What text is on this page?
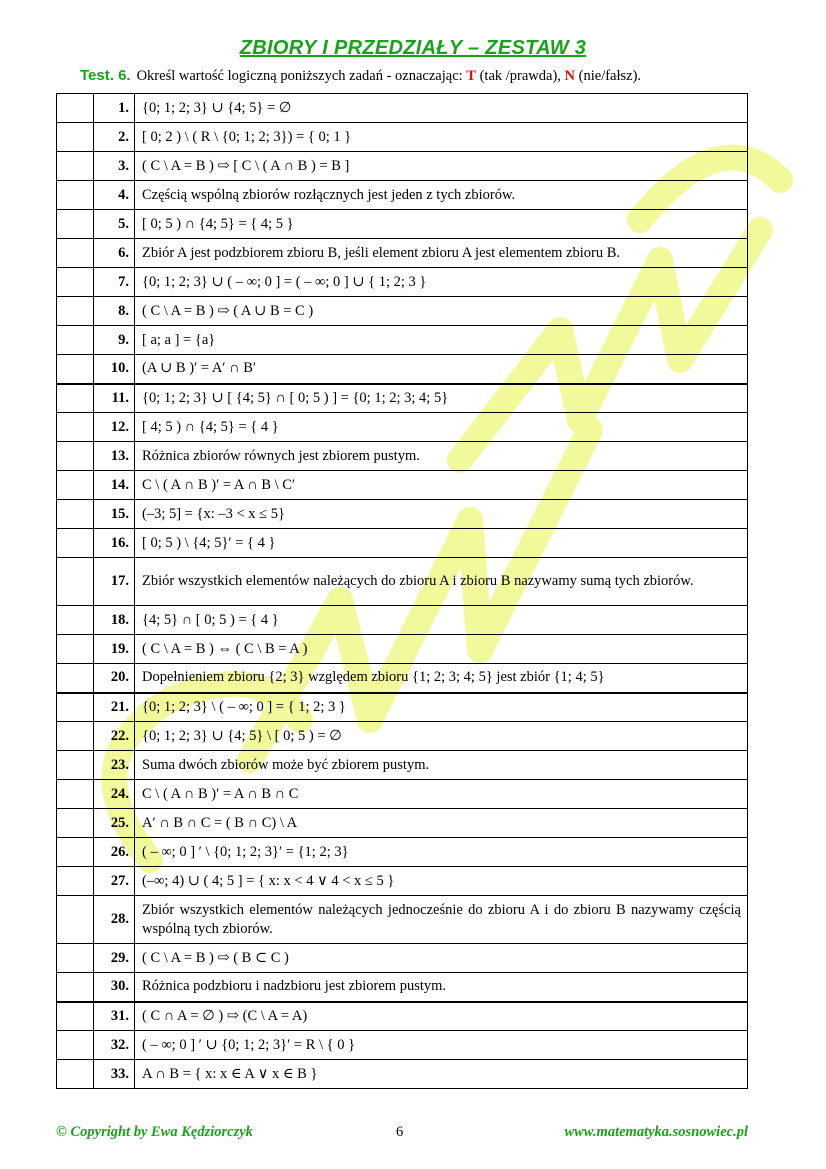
ZBIORY I PRZEDZIAŁY – ZESTAW 3
Test. 6. Określ wartość logiczną poniższych zadań - oznaczając: T (tak /prawda), N (nie/fałsz).
	1.	{0; 1; 2; 3} ∪ {4; 5} = ∅
	2.	[ 0; 2 ) \ ( R \ {0; 1; 2; 3}) = { 0; 1 }
	3.	( C \ A = B ) ⇨ [ C \ ( A ∩ B ) = B ]
	4.	Częścią wspólną zbiorów rozłącznych jest jeden z tych zbiorów.
	5.	[ 0; 5 ) ∩ {4; 5} = { 4; 5 }
	6.	Zbiór A jest podzbiorem zbioru B, jeśli element zbioru A jest elementem zbioru B.
	7.	{0; 1; 2; 3} ∪ ( – ∞; 0 ] = ( – ∞; 0 ] ∪ { 1; 2; 3 }
	8.	( C \ A = B ) ⇨ ( A ∪ B = C )
	9.	[ a; a ] = {a}
	10.	(A ∪ B )′ = A′ ∩ B′
	11.	{0; 1; 2; 3} ∪ [ {4; 5} ∩ [ 0; 5 ) ] = {0; 1; 2; 3; 4; 5}
	12.	[ 4; 5 ) ∩ {4; 5} = { 4 }
	13.	Różnica zbiorów równych jest zbiorem pustym.
	14.	C \ ( A ∩ B )′ = A ∩ B \ C′
	15.	(–3; 5] = {x: –3 < x ≤ 5}
	16.	[ 0; 5 ) \ {4; 5}′ = { 4 }
	17.	Zbiór wszystkich elementów należących do zbioru A i zbioru B nazywamy sumą tych zbiorów.
	18.	{4; 5} ∩ [ 0; 5 ) = { 4 }
	19.	( C \ A = B ) ⇔ ( C \ B = A )
	20.	Dopełnieniem zbioru {2; 3} względem zbioru {1; 2; 3; 4; 5} jest zbiór {1; 4; 5}
	21.	{0; 1; 2; 3} \ ( – ∞; 0 ] = { 1; 2; 3 }
	22.	{0; 1; 2; 3} ∪ {4; 5} \ [ 0; 5 ) = ∅
	23.	Suma dwóch zbiorów może być zbiorem pustym.
	24.	C \ ( A ∩ B )′ = A ∩ B ∩ C
	25.	A′ ∩ B ∩ C = ( B ∩ C) \ A
	26.	( – ∞; 0 ] ′ \ {0; 1; 2; 3}′ = {1; 2; 3}
	27.	(–∞; 4) ∪ ( 4; 5 ] = { x: x < 4 ∨ 4 < x ≤ 5 }
	28.	Zbiór wszystkich elementów należących jednocześnie do zbioru A i do zbioru B nazywamy częścią wspólną tych zbiorów.
	29.	( C \ A = B ) ⇨ ( B ⊂ C )
	30.	Różnica podzbioru i nadzbioru jest zbiorem pustym.
	31.	( C ∩ A = ∅ ) ⇨ (C \ A = A)
	32.	( – ∞; 0 ] ′ ∪ {0; 1; 2; 3}′ = R \ { 0 }
	33.	A ∩ B = { x: x ∈ A ∨ x ∈ B }
© Copyright by Ewa Kędziorczyk	6	www.matematyka.sosnowiec.pl
